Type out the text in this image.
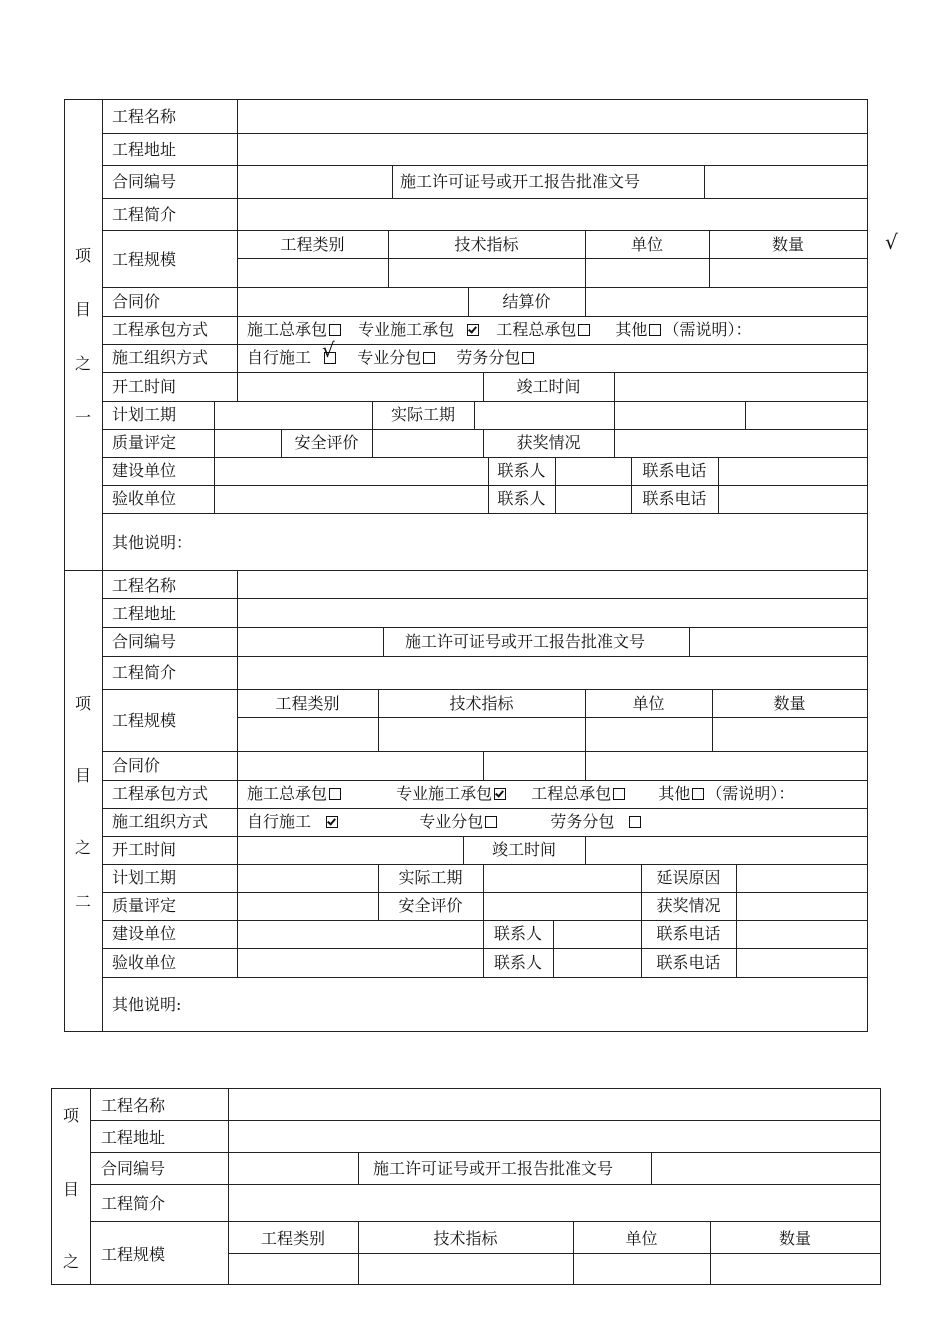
项
目
之
一
工程名称
工程地址
合同编号	施工许可证号或开工报告批准文号
工程简介
工程规模
工程类别	技术指标	单位	数量	√
合同价	结算价
工程承包方式 施工总承包 专业施工承包	工程总承包 其他 （需说明）：
施工组织方式 自行施工	专业分包 劳务分包
√
开工时间	竣工时间
计划工期	实际工期
质量评定	安全评价	获奖情况
建设单位	联系人	联系电话
验收单位	联系人	联系电话
其他说明：
项
目
之
二
工程名称
工程地址
合同编号	施工许可证号或开工报告批准文号
工程简介
工程规模
工程类别	技术指标	单位	数量
合同价
工程承包方式 施工总承包	专业施工承包 工程总承包	其他 （需说明）：
施工组织方式 自行施工	专业分包	劳务分包
开工时间	竣工时间
计划工期	实际工期	延误原因
质量评定	安全评价	获奖情况
建设单位	联系人	联系电话
验收单位	联系人	联系电话
其他说明:
项
目
之
工程名称
工程地址
合同编号	施工许可证号或开工报告批准文号
工程简介
工程规模
工程类别	技术指标	单位	数量
